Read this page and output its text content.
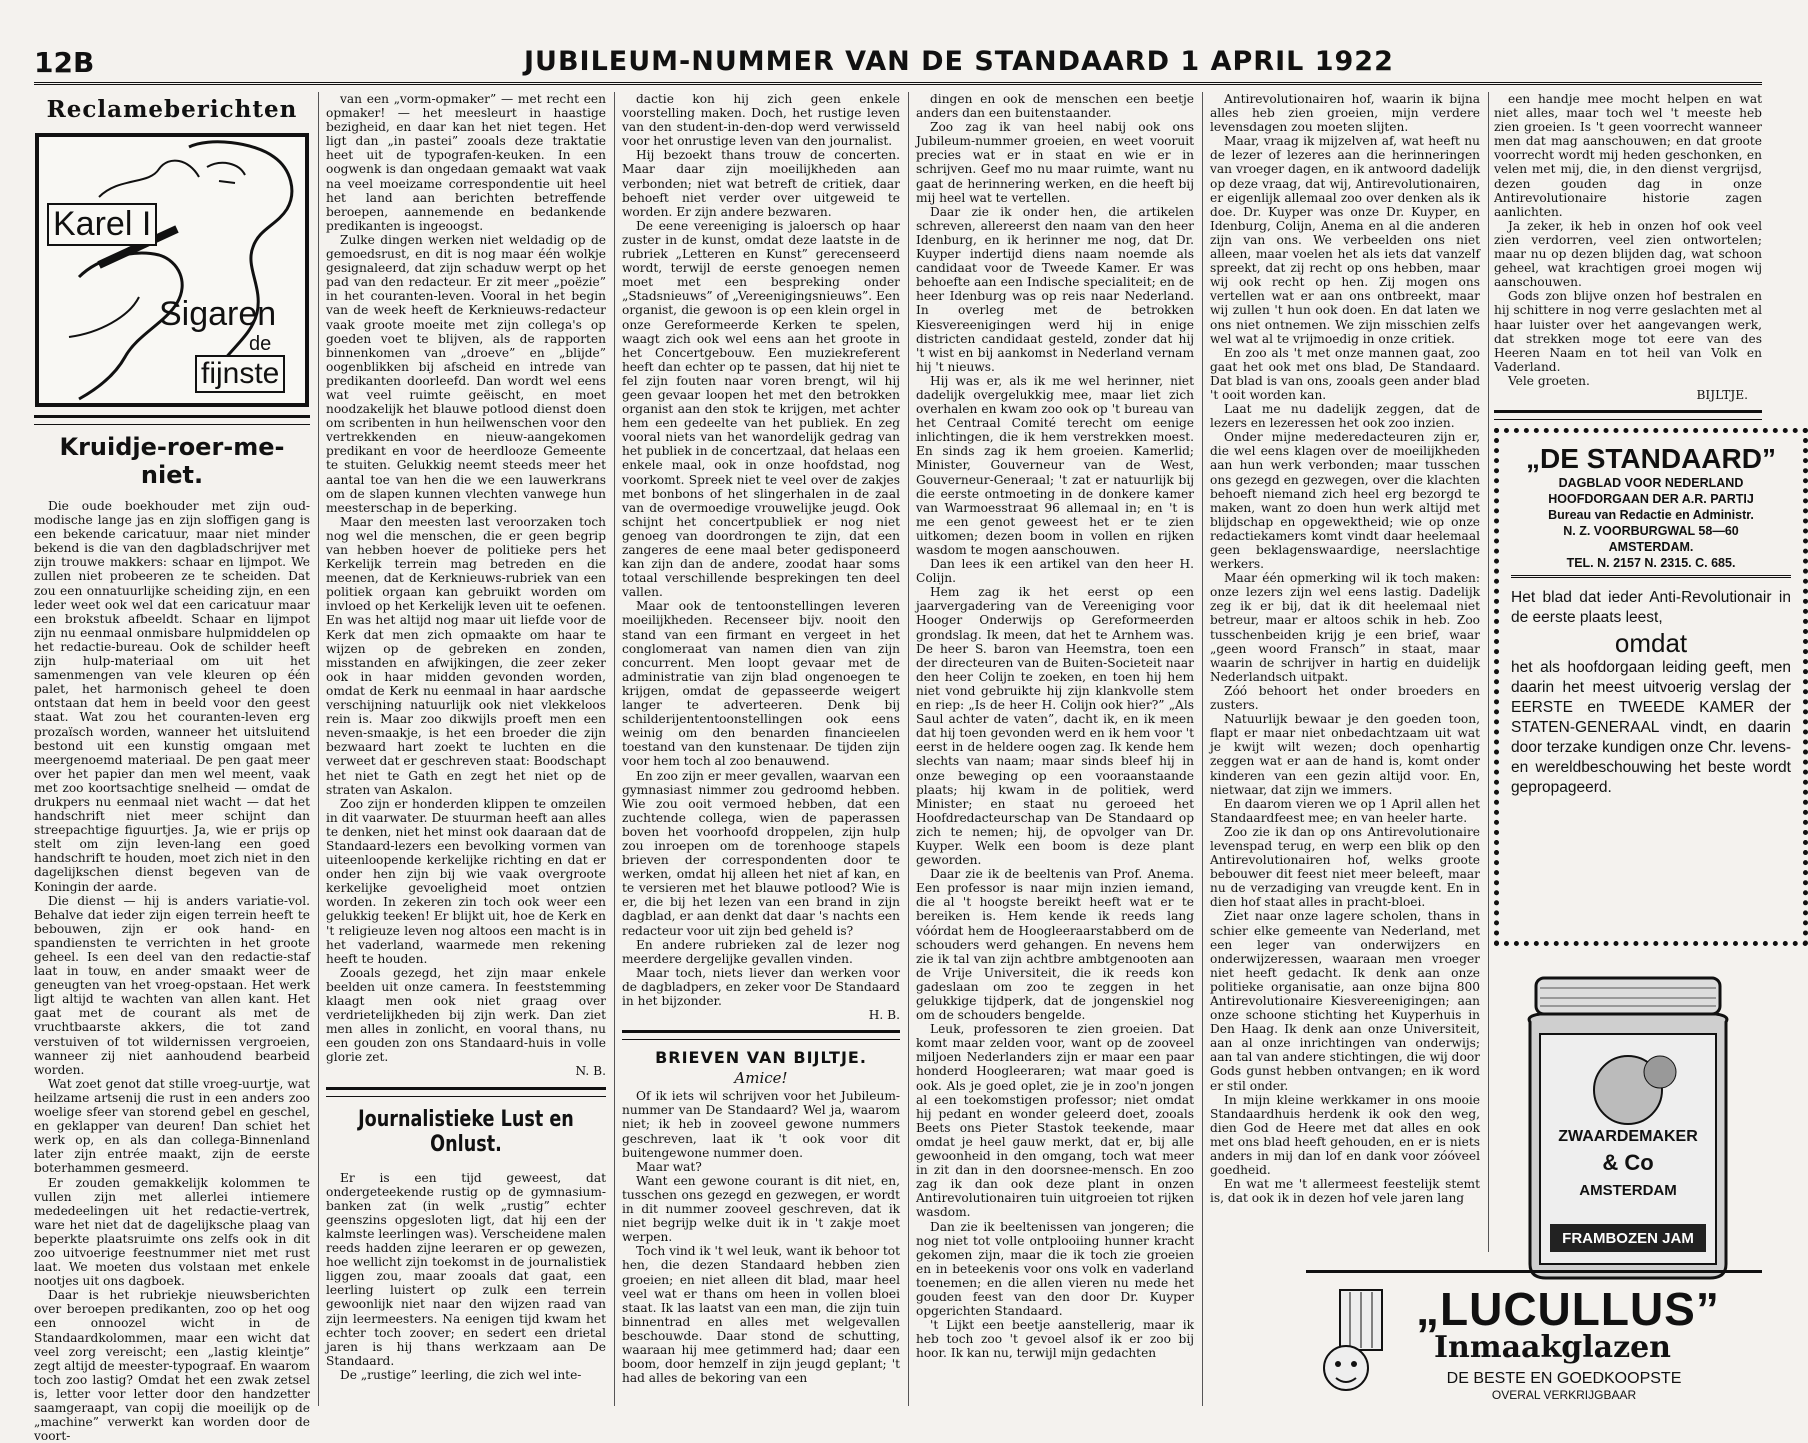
12B	JUBILEUM-NUMMER VAN DE STANDAARD 1 APRIL 1922
Reclameberichten
Karel I
Sigaren
de
fijnste
Kruidje-roer-me-niet.

Die oude boekhouder met zijn oud-modische lange jas en zijn sloffigen gang is een bekende caricatuur, maar niet minder bekend is die van den dagbladschrijver met zijn trouwe makkers: schaar en lijmpot. We zullen niet probeeren ze te scheiden. Dat zou een onnatuurlijke scheiding zijn, en een leder weet ook wel dat een caricatuur maar een brokstuk afbeeldt. Schaar en lijmpot zijn nu eenmaal onmisbare hulpmiddelen op het redactie-bureau. Ook de schilder heeft zijn hulp-materiaal om uit het samenmengen van vele kleuren op één palet, het harmonisch geheel te doen ontstaan dat hem in beeld voor den geest staat. Wat zou het couranten-leven erg prozaïsch worden, wanneer het uitsluitend bestond uit een kunstig omgaan met meergenoemd materiaal. De pen gaat meer over het papier dan men wel meent, vaak met zoo koortsachtige snelheid — omdat de drukpers nu eenmaal niet wacht — dat het handschrift niet meer schijnt dan streepachtige figuurtjes. Ja, wie er prijs op stelt om zijn leven-lang een goed handschrift te houden, moet zich niet in den dagelijkschen dienst begeven van de Koningin der aarde.

Die dienst — hij is anders variatie-vol. Behalve dat ieder zijn eigen terrein heeft te bebouwen, zijn er ook hand- en spandiensten te verrichten in het groote geheel. Is een deel van den redactie-staf laat in touw, en ander smaakt weer de geneugten van het vroeg-opstaan. Het werk ligt altijd te wachten van allen kant. Het gaat met de courant als met de vruchtbaarste akkers, die tot zand verstuiven of tot wildernissen vergroeien, wanneer zij niet aanhoudend bearbeid worden.

Wat zoet genot dat stille vroeg-uurtje, wat heilzame artsenij die rust in een anders zoo woelige sfeer van storend gebel en geschel, en geklapper van deuren! Dan schiet het werk op, en als dan collega-Binnenland later zijn entrée maakt, zijn de eerste boterhammen gesmeerd.

Er zouden gemakkelijk kolommen te vullen zijn met allerlei intiemere mededeelingen uit het redactie-vertrek, ware het niet dat de dagelijksche plaag van beperkte plaatsruimte ons zelfs ook in dit zoo uitvoerige feestnummer niet met rust laat. We moeten dus volstaan met enkele nootjes uit ons dagboek.

Daar is het rubriekje nieuwsberichten over beroepen predikanten, zoo op het oog een onnoozel wicht in de Standaardkolommen, maar een wicht dat veel zorg vereischt; een „lastig kleintje” zegt altijd de meester-typograaf. En waarom toch zoo lastig? Omdat het een zwak zetsel is, letter voor letter door den handzetter saamgeraapt, van copij die moeilijk op de „machine” verwerkt kan worden door de voort-

van een „vorm-opmaker” — met recht een opmaker! — het meesleurt in haastige bezigheid, en daar kan het niet tegen. Het ligt dan „in pastei” zooals deze traktatie heet uit de typografen-keuken. In een oogwenk is dan ongedaan gemaakt wat vaak na veel moeizame correspondentie uit heel het land aan berichten betreffende beroepen, aannemende en bedankende predikanten is ingeoogst.

Zulke dingen werken niet weldadig op de gemoedsrust, en dit is nog maar één wolkje gesignaleerd, dat zijn schaduw werpt op het pad van den redacteur. Er zit meer „poëzie” in het couranten-leven. Vooral in het begin van de week heeft de Kerknieuws-redacteur vaak groote moeite met zijn collega's op goeden voet te blijven, als de rapporten binnenkomen van „droeve” en „blijde” oogenblikken bij afscheid en intrede van predikanten doorleefd. Dan wordt wel eens wat veel ruimte geëischt, en moet noodzakelijk het blauwe potlood dienst doen om scribenten in hun heilwenschen voor den vertrekkenden en nieuw-aangekomen predikant en voor de heerdlooze Gemeente te stuiten. Gelukkig neemt steeds meer het aantal toe van hen die we een lauwerkrans om de slapen kunnen vlechten vanwege hun meesterschap in de beperking.

Maar den meesten last veroorzaken toch nog wel die menschen, die er geen begrip van hebben hoever de politieke pers het Kerkelijk terrein mag betreden en die meenen, dat de Kerknieuws-rubriek van een politiek orgaan kan gebruikt worden om invloed op het Kerkelijk leven uit te oefenen. En was het altijd nog maar uit liefde voor de Kerk dat men zich opmaakte om haar te wijzen op de gebreken en zonden, misstanden en afwijkingen, die zeer zeker ook in haar midden gevonden worden, omdat de Kerk nu eenmaal in haar aardsche verschijning natuurlijk ook niet vlekkeloos rein is. Maar zoo dikwijls proeft men een neven-smaakje, is het een broeder die zijn bezwaard hart zoekt te luchten en die verweet dat er geschreven staat: Boodschapt het niet te Gath en zegt het niet op de straten van Askalon.

Zoo zijn er honderden klippen te omzeilen in dit vaarwater. De stuurman heeft aan alles te denken, niet het minst ook daaraan dat de Standaard-lezers een bevolking vormen van uiteenloopende kerkelijke richting en dat er onder hen zijn bij wie vaak overgroote kerkelijke gevoeligheid moet ontzien worden. In zekeren zin toch ook weer een gelukkig teeken! Er blijkt uit, hoe de Kerk en 't religieuze leven nog altoos een macht is in het vaderland, waarmede men rekening heeft te houden.

Zooals gezegd, het zijn maar enkele beelden uit onze camera. In feeststemming klaagt men ook niet graag over verdrietelijkheden bij zijn werk. Dan ziet men alles in zonlicht, en vooral thans, nu een gouden zon ons Standaard-huis in volle glorie zet.

N. B.
Journalistieke Lust en Onlust.

Er is een tijd geweest, dat ondergeteekende rustig op de gymnasium-banken zat (in welk „rustig” echter geenszins opgesloten ligt, dat hij een der kalmste leerlingen was). Verscheidene malen reeds hadden zijne leeraren er op gewezen, hoe wellicht zijn toekomst in de journalistiek liggen zou, maar zooals dat gaat, een leerling luistert op zulk een terrein gewoonlijk niet naar den wijzen raad van zijn leermeesters. Na eenigen tijd kwam het echter toch zoover; en sedert een drietal jaren is hij thans werkzaam aan De Standaard.

De „rustige” leerling, die zich wel inte-

dactie kon hij zich geen enkele voorstelling maken. Doch, het rustige leven van den student-in-den-dop werd verwisseld voor het onrustige leven van den journalist.

Hij bezoekt thans trouw de concerten. Maar daar zijn moeilijkheden aan verbonden; niet wat betreft de critiek, daar behoeft niet verder over uitgeweid te worden. Er zijn andere bezwaren.

De eene vereeniging is jaloersch op haar zuster in de kunst, omdat deze laatste in de rubriek „Letteren en Kunst” gerecenseerd wordt, terwijl de eerste genoegen nemen moet met een bespreking onder „Stadsnieuws” of „Vereenigingsnieuws”. Een organist, die gewoon is op een klein orgel in onze Gereformeerde Kerken te spelen, waagt zich ook wel eens aan het groote in het Concertgebouw. Een muziekreferent heeft dan echter op te passen, dat hij niet te fel zijn fouten naar voren brengt, wil hij geen gevaar loopen het met den betrokken organist aan den stok te krijgen, met achter hem een gedeelte van het publiek. En zeg vooral niets van het wanordelijk gedrag van het publiek in de concertzaal, dat helaas een enkele maal, ook in onze hoofdstad, nog voorkomt. Spreek niet te veel over de zakjes met bonbons of het slingerhalen in de zaal van de overmoedige vrouwelijke jeugd. Ook schijnt het concertpubliek er nog niet genoeg van doordrongen te zijn, dat een zangeres de eene maal beter gedisponeerd kan zijn dan de andere, zoodat haar soms totaal verschillende besprekingen ten deel vallen.

Maar ook de tentoonstellingen leveren moeilijkheden. Recenseer bijv. nooit den stand van een firmant en vergeet in het conglomeraat van namen dien van zijn concurrent. Men loopt gevaar met de administratie van zijn blad ongenoegen te krijgen, omdat de gepasseerde weigert langer te adverteeren. Denk bij schilderijententoonstellingen ook eens weinig om den benarden financieelen toestand van den kunstenaar. De tijden zijn voor hem toch al zoo benauwend.

En zoo zijn er meer gevallen, waarvan een gymnasiast nimmer zou gedroomd hebben. Wie zou ooit vermoed hebben, dat een zuchtende collega, wien de paperassen boven het voorhoofd droppelen, zijn hulp zou inroepen om de torenhooge stapels brieven der correspondenten door te werken, omdat hij alleen het niet af kan, en te versieren met het blauwe potlood? Wie is er, die bij het lezen van een brand in zijn dagblad, er aan denkt dat daar 's nachts een redacteur voor uit zijn bed geheld is?

En andere rubrieken zal de lezer nog meerdere dergelijke gevallen vinden.

Maar toch, niets liever dan werken voor de dagbladpers, en zeker voor De Standaard in het bijzonder.

H. B.
BRIEVEN VAN BIJLTJE.
Amice!

Of ik iets wil schrijven voor het Jubileum-nummer van De Standaard? Wel ja, waarom niet; ik heb in zooveel gewone nummers geschreven, laat ik 't ook voor dit buitengewone nummer doen.

Maar wat?

Want een gewone courant is dit niet, en, tusschen ons gezegd en gezwegen, er wordt in dit nummer zooveel geschreven, dat ik niet begrijp welke duit ik in 't zakje moet werpen.

Toch vind ik 't wel leuk, want ik behoor tot hen, die dezen Standaard hebben zien groeien; en niet alleen dit blad, maar heel veel wat er thans om heen in vollen bloei staat. Ik las laatst van een man, die zijn tuin binnentrad en alles met welgevallen beschouwde. Daar stond de schutting, waaraan hij mee getimmerd had; daar een boom, door hemzelf in zijn jeugd geplant; 't had alles de bekoring van een

dingen en ook de menschen een beetje anders dan een buitenstaander.

Zoo zag ik van heel nabij ook ons Jubileum-nummer groeien, en weet vooruit precies wat er in staat en wie er in schrijven. Geef mo nu maar ruimte, want nu gaat de herinnering werken, en die heeft bij mij heel wat te vertellen.

Daar zie ik onder hen, die artikelen schreven, allereerst den naam van den heer Idenburg, en ik herinner me nog, dat Dr. Kuyper indertijd diens naam noemde als candidaat voor de Tweede Kamer. Er was behoefte aan een Indische specialiteit; en de heer Idenburg was op reis naar Nederland. In overleg met de betrokken Kiesvereenigingen werd hij in enige districten candidaat gesteld, zonder dat hij 't wist en bij aankomst in Nederland vernam hij 't nieuws.

Hij was er, als ik me wel herinner, niet dadelijk overgelukkig mee, maar liet zich overhalen en kwam zoo ook op 't bureau van het Centraal Comité terecht om eenige inlichtingen, die ik hem verstrekken moest. En sinds zag ik hem groeien. Kamerlid; Minister, Gouverneur van de West, Gouverneur-Generaal; 't zat er natuurlijk bij die eerste ontmoeting in de donkere kamer van Warmoesstraat 96 allemaal in; en 't is me een genot geweest het er te zien uitkomen; dezen boom in vollen en rijken wasdom te mogen aanschouwen.

Dan lees ik een artikel van den heer H. Colijn.

Hem zag ik het eerst op een jaarvergadering van de Vereeniging voor Hooger Onderwijs op Gereformeerden grondslag. Ik meen, dat het te Arnhem was. De heer S. baron van Heemstra, toen een der directeuren van de Buiten-Societeit naar den heer Colijn te zoeken, en toen hij hem niet vond gebruikte hij zijn klankvolle stem en riep: „Is de heer H. Colijn ook hier?” „Als Saul achter de vaten”, dacht ik, en ik meen dat hij toen gevonden werd en ik hem voor 't eerst in de heldere oogen zag. Ik kende hem slechts van naam; maar sinds bleef hij in onze beweging op een vooraanstaande plaats; hij kwam in de politiek, werd Minister; en staat nu geroeed het Hoofdredacteurschap van De Standaard op zich te nemen; hij, de opvolger van Dr. Kuyper. Welk een boom is deze plant geworden.

Daar zie ik de beeltenis van Prof. Anema. Een professor is naar mijn inzien iemand, die al 't hoogste bereikt heeft wat er te bereiken is. Hem kende ik reeds lang vóórdat hem de Hoogleeraarstabberd om de schouders werd gehangen. En nevens hem zie ik tal van zijn achtbre ambtgenooten aan de Vrije Universiteit, die ik reeds kon gadeslaan om zoo te zeggen in het gelukkige tijdperk, dat de jongenskiel nog om de schouders bengelde.

Leuk, professoren te zien groeien. Dat komt maar zelden voor, want op de zooveel miljoen Nederlanders zijn er maar een paar honderd Hoogleeraren; wat maar goed is ook. Als je goed oplet, zie je in zoo'n jongen al een toekomstigen professor; niet omdat hij pedant en wonder geleerd doet, zooals Beets ons Pieter Stastok teekende, maar omdat je heel gauw merkt, dat er, bij alle gewoonheid in den omgang, toch wat meer in zit dan in den doorsnee-mensch. En zoo zag ik dan ook deze plant in onzen Antirevolutionairen tuin uitgroeien tot rijken wasdom.

Dan zie ik beeltenissen van jongeren; die nog niet tot volle ontplooiing hunner kracht gekomen zijn, maar die ik toch zie groeien en in beteekenis voor ons volk en vaderland toenemen; en die allen vieren nu mede het gouden feest van den door Dr. Kuyper opgerichten Standaard.

't Lijkt een beetje aanstellerig, maar ik heb toch zoo 't gevoel alsof ik er zoo bij hoor. Ik kan nu, terwijl mijn gedachten

Antirevolutionairen hof, waarin ik bijna alles heb zien groeien, mijn verdere levensdagen zou moeten slijten.

Maar, vraag ik mijzelven af, wat heeft nu de lezer of lezeres aan die herinneringen van vroeger dagen, en ik antwoord dadelijk op deze vraag, dat wij, Antirevolutionairen, er eigenlijk allemaal zoo over denken als ik doe. Dr. Kuyper was onze Dr. Kuyper, en Idenburg, Colijn, Anema en al die anderen zijn van ons. We verbeelden ons niet alleen, maar voelen het als iets dat vanzelf spreekt, dat zij recht op ons hebben, maar wij ook recht op hen. Zij mogen ons vertellen wat er aan ons ontbreekt, maar wij zullen 't hun ook doen. En dat laten we ons niet ontnemen. We zijn misschien zelfs wel wat al te vrijmoedig in onze critiek.

En zoo als 't met onze mannen gaat, zoo gaat het ook met ons blad, De Standaard. Dat blad is van ons, zooals geen ander blad 't ooit worden kan.

Laat me nu dadelijk zeggen, dat de lezers en lezeressen het ook zoo inzien.

Onder mijne mederedacteuren zijn er, die wel eens klagen over de moeilijkheden aan hun werk verbonden; maar tusschen ons gezegd en gezwegen, over die klachten behoeft niemand zich heel erg bezorgd te maken, want zo doen hun werk altijd met blijdschap en opgewektheid; wie op onze redactiekamers komt vindt daar heelemaal geen beklagenswaardige, neerslachtige werkers.

Maar één opmerking wil ik toch maken: onze lezers zijn wel eens lastig. Dadelijk zeg ik er bij, dat ik dit heelemaal niet betreur, maar er altoos schik in heb. Zoo tusschenbeiden krijg je een brief, waar „geen woord Fransch” in staat, maar waarin de schrijver in hartig en duidelijk Nederlandsch uitpakt.

Zóó behoort het onder broeders en zusters.

Natuurlijk bewaar je den goeden toon, flapt er maar niet onbedachtzaam uit wat je kwijt wilt wezen; doch openhartig zeggen wat er aan de hand is, komt onder kinderen van een gezin altijd voor. En, nietwaar, dat zijn we immers.

En daarom vieren we op 1 April allen het Standaardfeest mee; en van heeler harte.

Zoo zie ik dan op ons Antirevolutionaire levenspad terug, en werp een blik op den Antirevolutionairen hof, welks groote bebouwer dit feest niet meer beleeft, maar nu de verzadiging van vreugde kent. En in dien hof staat alles in pracht-bloei.

Ziet naar onze lagere scholen, thans in schier elke gemeente van Nederland, met een leger van onderwijzers en onderwijzeressen, waaraan men vroeger niet heeft gedacht. Ik denk aan onze politieke organisatie, aan onze bijna 800 Antirevolutionaire Kiesvereenigingen; aan onze schoone stichting het Kuyperhuis in Den Haag. Ik denk aan onze Universiteit, aan al onze inrichtingen van onderwijs; aan tal van andere stichtingen, die wij door Gods gunst hebben ontvangen; en ik word er stil onder.

In mijn kleine werkkamer in ons mooie Standaardhuis herdenk ik ook den weg, dien God de Heere met dat alles en ook met ons blad heeft gehouden, en er is niets anders in mij dan lof en dank voor zóóveel goedheid.

En wat me 't allermeest feestelijk stemt is, dat ook ik in dezen hof vele jaren lang

een handje mee mocht helpen en wat niet alles, maar toch wel 't meeste heb zien groeien. Is 't geen voorrecht wanneer men dat mag aanschouwen; en dat groote voorrecht wordt mij heden geschonken, en velen met mij, die, in den dienst vergrijsd, dezen gouden dag in onze Antirevolutionaire historie zagen aanlichten.

Ja zeker, ik heb in onzen hof ook veel zien verdorren, veel zien ontwortelen; maar nu op dezen blijden dag, wat schoon geheel, wat krachtigen groei mogen wij aanschouwen.

Gods zon blijve onzen hof bestralen en hij schittere in nog verre geslachten met al haar luister over het aangevangen werk, dat strekken moge tot eere van des Heeren Naam en tot heil van Volk en Vaderland.

Vele groeten.

BIJLTJE.
„DE STANDAARD”
DAGBLAD VOOR NEDERLAND
HOOFDORGAAN DER A.R. PARTIJ
Bureau van Redactie en Administr.
N. Z. VOORBURGWAL 58—60
AMSTERDAM.
TEL. N. 2157 N. 2315. C. 685.
Het blad dat ieder Anti-Revolutionair in de eerste plaats leest,
omdat
het als hoofdorgaan leiding geeft, men daarin het meest uitvoerig verslag der EERSTE en TWEEDE KAMER der STATEN-GENERAAL vindt, en daarin door terzake kundigen onze Chr. levens- en wereldbeschouwing het beste wordt gepropageerd.
ZWAARDEMAKER
& Co
AMSTERDAM
FRAMBOZEN JAM
„LUCULLUS”
Inmaakglazen
DE BESTE EN GOEDKOOPSTE
OVERAL VERKRIJGBAAR
